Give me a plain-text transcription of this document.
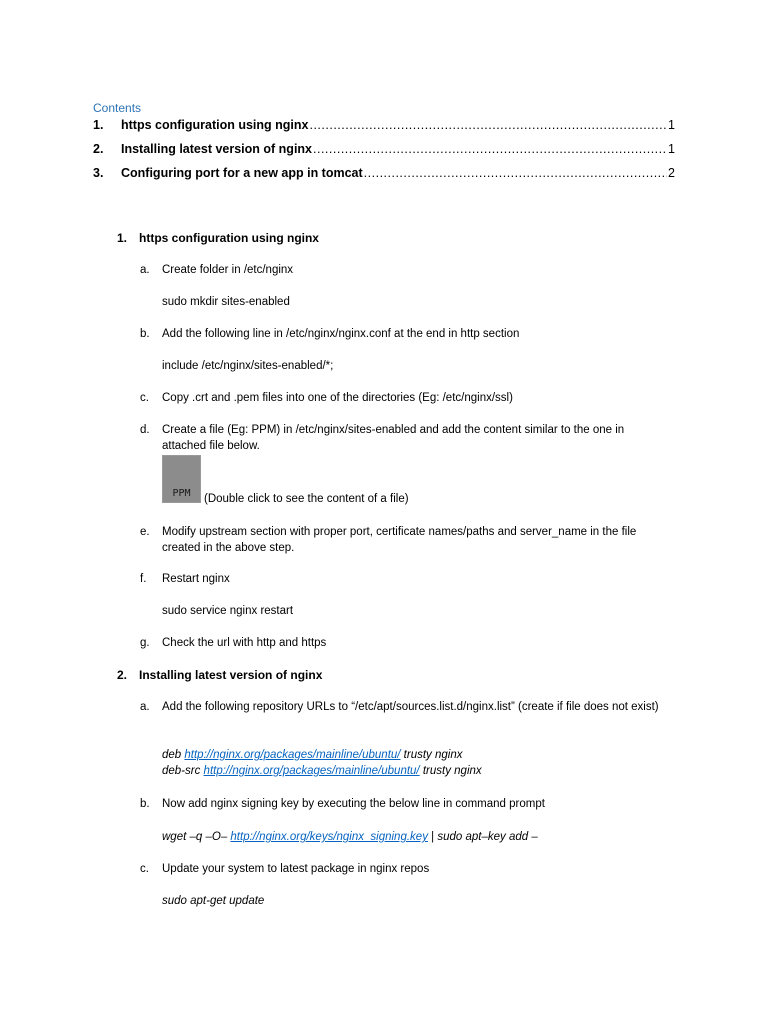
Contents
1.	https configuration using nginx .....	1
2.	Installing latest version of nginx .....	1
3.	Configuring port for a new app in tomcat .....	2
1. https configuration using nginx
a.	Create folder in /etc/nginx
sudo mkdir sites-enabled
b.	Add the following line in /etc/nginx/nginx.conf at the end in http section
include /etc/nginx/sites-enabled/*;
c.	Copy .crt and .pem files into one of the directories (Eg: /etc/nginx/ssl)
d.	Create a file (Eg: PPM) in /etc/nginx/sites-enabled and add the content similar to the one in attached file below.
PPM	(Double click to see the content of a file)
e.	Modify upstream section with proper port, certificate names/paths and server_name in the file created in the above step.
f.	Restart nginx
sudo service nginx restart
g.	Check the url with http and https
2. Installing latest version of nginx
a.	Add the following repository URLs to “/etc/apt/sources.list.d/nginx.list” (create if file does not exist)
deb http://nginx.org/packages/mainline/ubuntu/ trusty nginx
deb-src http://nginx.org/packages/mainline/ubuntu/ trusty nginx
b.	Now add nginx signing key by executing the below line in command prompt
wget –q –O– http://nginx.org/keys/nginx_signing.key | sudo apt–key add –
c.	Update your system to latest package in nginx repos
sudo apt-get update
